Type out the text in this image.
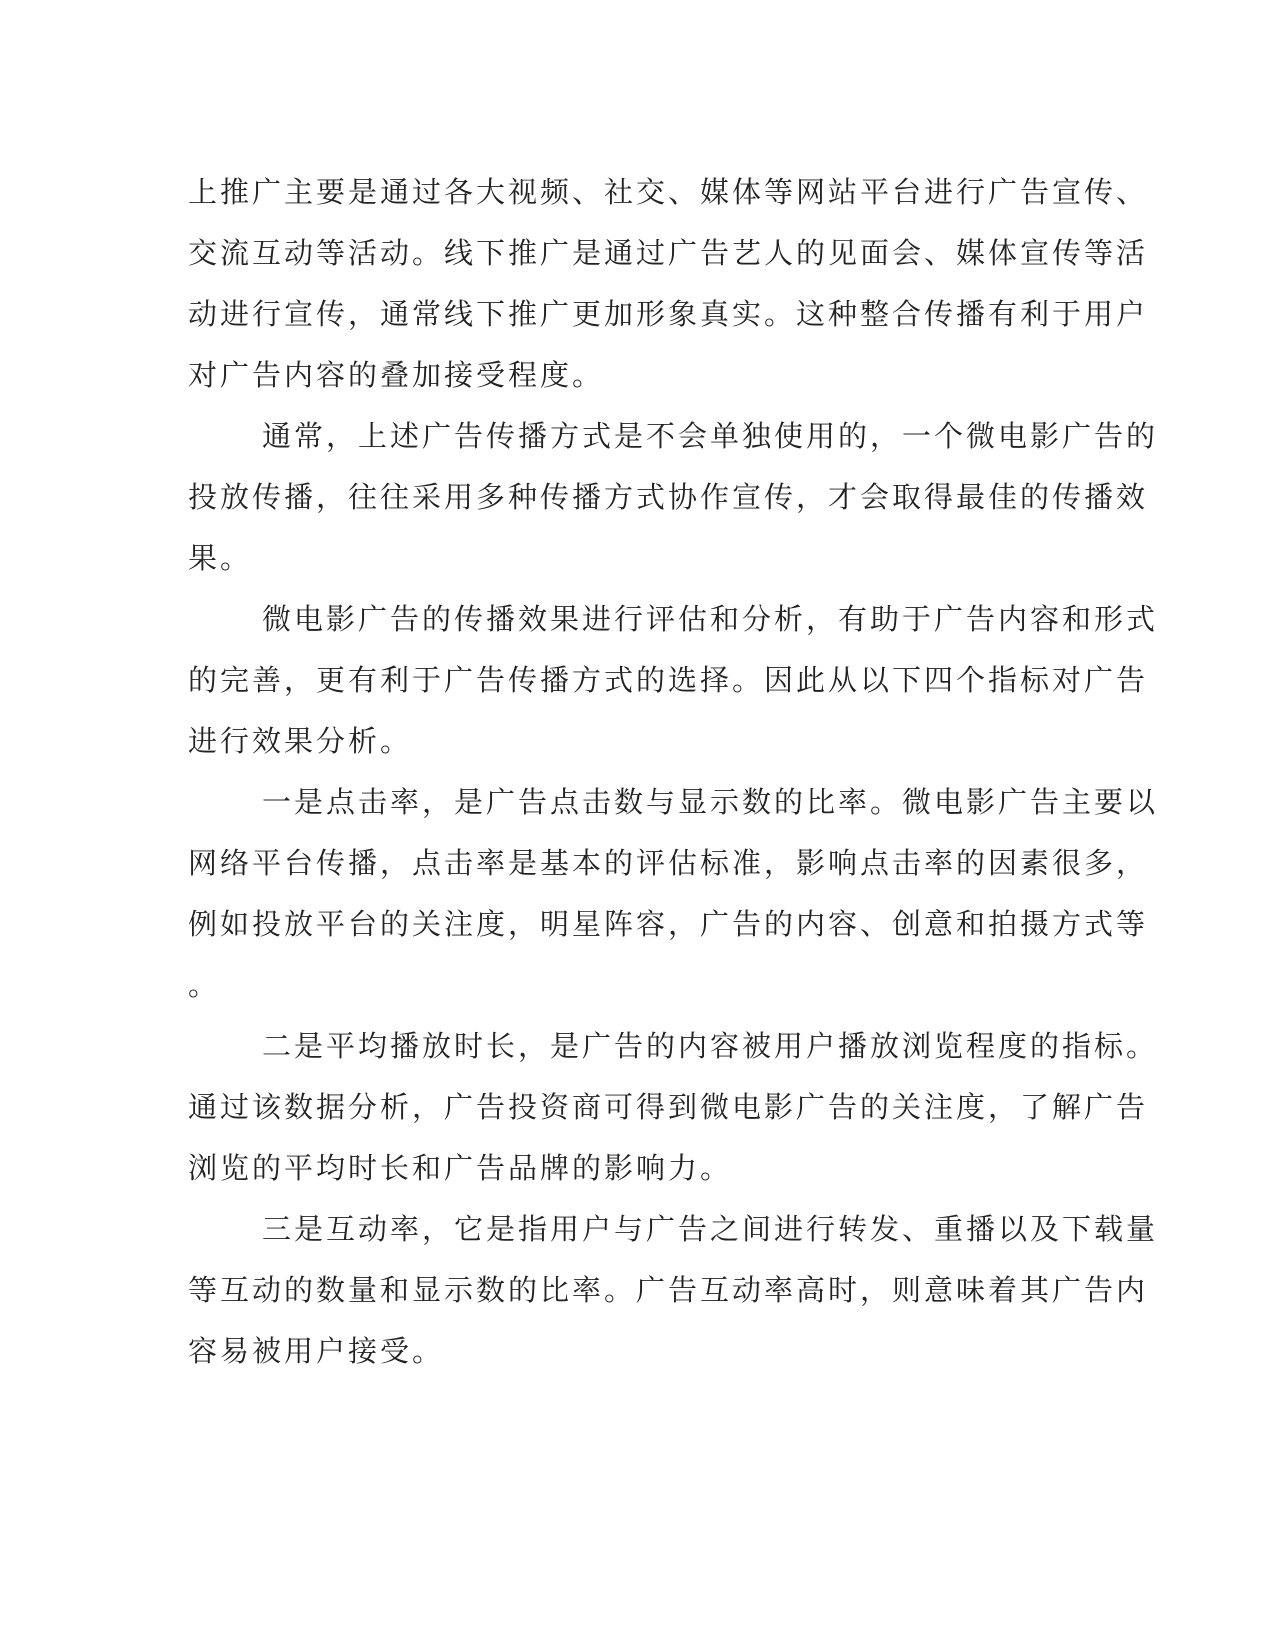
上推广主要是通过各大视频、社交、媒体等网站平台进行广告宣传、
交流互动等活动。线下推广是通过广告艺人的见面会、媒体宣传等活
动进行宣传，通常线下推广更加形象真实。这种整合传播有利于用户
对广告内容的叠加接受程度。
通常，上述广告传播方式是不会单独使用的，一个微电影广告的
投放传播，往往采用多种传播方式协作宣传，才会取得最佳的传播效
果。
微电影广告的传播效果进行评估和分析，有助于广告内容和形式
的完善，更有利于广告传播方式的选择。因此从以下四个指标对广告
进行效果分析。
一是点击率，是广告点击数与显示数的比率。微电影广告主要以
网络平台传播，点击率是基本的评估标准，影响点击率的因素很多，
例如投放平台的关注度，明星阵容，广告的内容、创意和拍摄方式等
。
二是平均播放时长，是广告的内容被用户播放浏览程度的指标。
通过该数据分析，广告投资商可得到微电影广告的关注度，了解广告
浏览的平均时长和广告品牌的影响力。
三是互动率，它是指用户与广告之间进行转发、重播以及下载量
等互动的数量和显示数的比率。广告互动率高时，则意味着其广告内
容易被用户接受。
